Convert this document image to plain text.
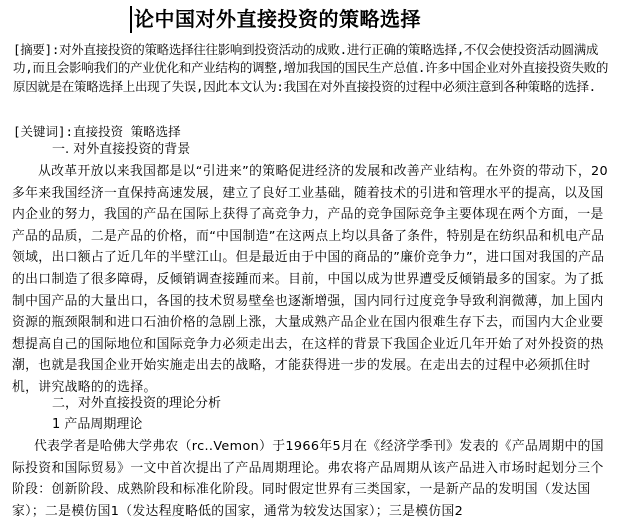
论中国对外直接投资的策略选择

[摘要]:对外直接投资的策略选择往往影响到投资活动的成败.进行正确的策略选择,不仅会使投资活动圆满成功,而且会影响我们的产业优化和产业结构的调整,增加我国的国民生产总值.许多中国企业对外直接投资失败的原因就是在策略选择上出现了失误,因此本文认为:我国在对外直接投资的过程中必须注意到各种策略的选择.

[关键词]:直接投资 策略选择

一. 对外直接投资的背景

从改革开放以来我国都是以“引进来”的策略促进经济的发展和改善产业结构。在外资的带动下，20多年来我国经济一直保持高速发展，建立了良好工业基础，随着技术的引进和管理水平的提高，以及国内企业的努力，我国的产品在国际上获得了高竞争力，产品的竞争国际竞争主要体现在两个方面，一是产品的品质，二是产品的价格，而“中国制造”在这两点上均以具备了条件，特别是在纺织品和机电产品领域，出口额占了近几年的半壁江山。但是最近由于中国的商品的”廉价竞争力”，进口国对我国的产品的出口制造了很多障碍，反倾销调查接踵而来。目前，中国以成为世界遭受反倾销最多的国家。为了抵制中国产品的大量出口，各国的技术贸易壁垒也逐渐增强，国内同行过度竞争导致利润微薄，加上国内资源的瓶颈限制和进口石油价格的急剧上涨，大量成熟产品企业在国内很难生存下去，而国内大企业要想提高自己的国际地位和国际竞争力必须走出去，在这样的背景下我国企业近几年开始了对外投资的热潮，也就是我国企业开始实施走出去的战略，才能获得进一步的发展。在走出去的过程中必须抓住时机，讲究战略的的选择。

二，对外直接投资的理论分析

1 产品周期理论

代表学者是哈佛大学弗农（rc..Vemon）于1966年5月在《经济学季刊》发表的《产品周期中的国际投资和国际贸易》一文中首次提出了产品周期理论。弗农将产品周期从该产品进入市场时起划分三个阶段：创新阶段、成熟阶段和标准化阶段。同时假定世界有三类国家，一是新产品的发明国（发达国家）；二是模仿国1（发达程度略低的国家，通常为较发达国家）；三是模仿国2
